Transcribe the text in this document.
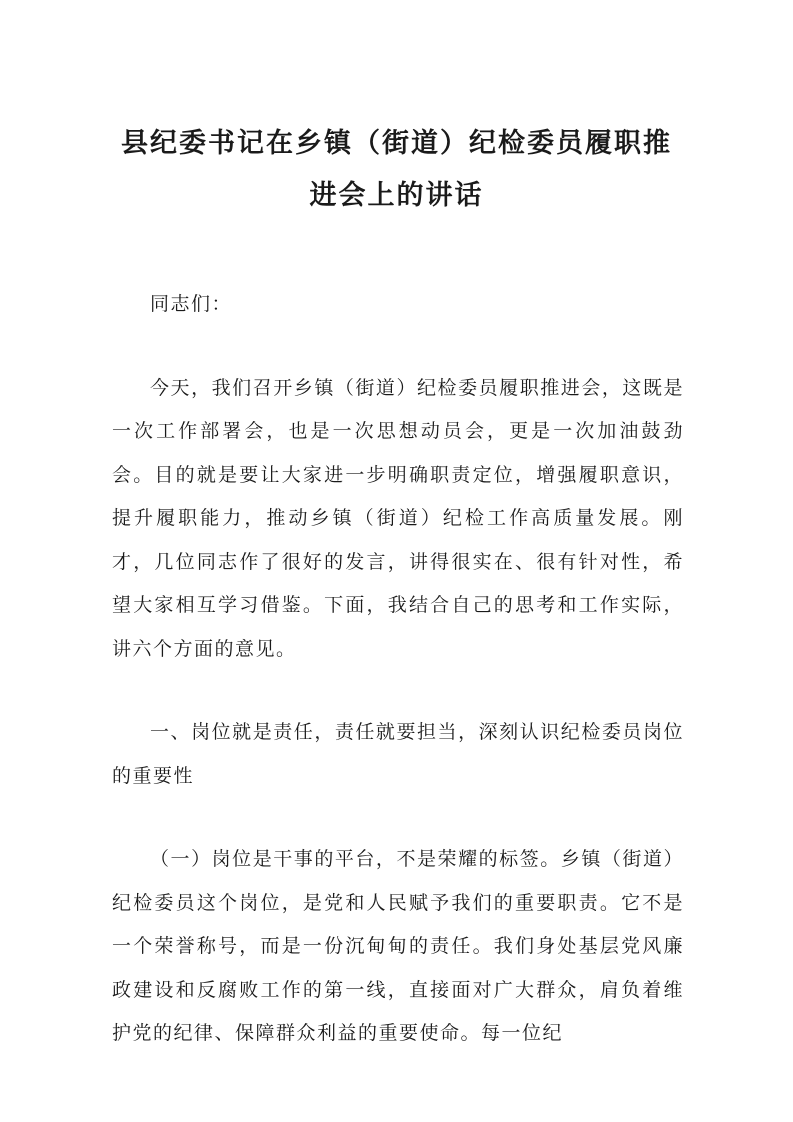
县纪委书记在乡镇（街道）纪检委员履职推
进会上的讲话

同志们：

今天，我们召开乡镇（街道）纪检委员履职推进会，这既是一次工作部署会，也是一次思想动员会，更是一次加油鼓劲会。目的就是要让大家进一步明确职责定位，增强履职意识，提升履职能力，推动乡镇（街道）纪检工作高质量发展。刚才，几位同志作了很好的发言，讲得很实在、很有针对性，希望大家相互学习借鉴。下面，我结合自己的思考和工作实际，讲六个方面的意见。

一、岗位就是责任，责任就要担当，深刻认识纪检委员岗位的重要性

（一）岗位是干事的平台，不是荣耀的标签。乡镇（街道）纪检委员这个岗位，是党和人民赋予我们的重要职责。它不是一个荣誉称号，而是一份沉甸甸的责任。我们身处基层党风廉政建设和反腐败工作的第一线，直接面对广大群众，肩负着维护党的纪律、保障群众利益的重要使命。每一位纪
